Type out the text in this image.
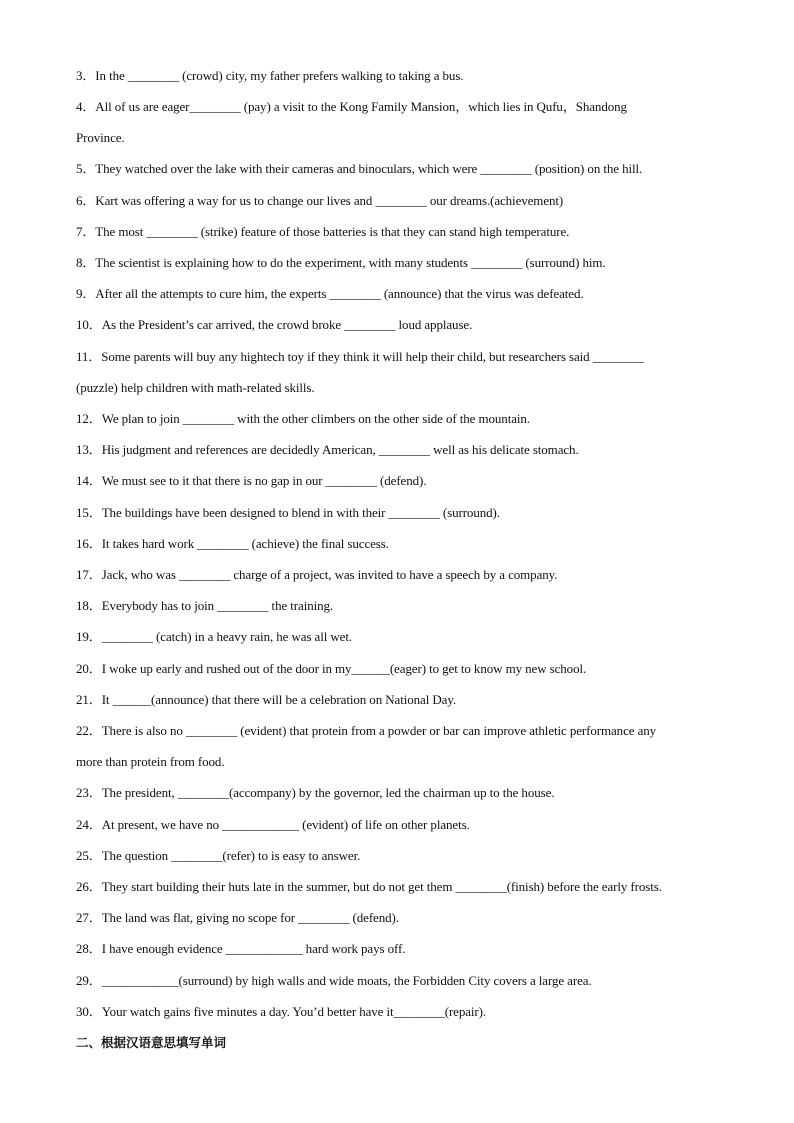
3．In the ________ (crowd) city, my father prefers walking to taking a bus.
4．All of us are eager________ (pay) a visit to the Kong Family Mansion，which lies in Qufu，Shandong
Province.
5．They watched over the lake with their cameras and binoculars, which were ________ (position) on the hill.
6．Kart was offering a way for us to change our lives and ________ our dreams.(achievement)
7．The most ________ (strike) feature of those batteries is that they can stand high temperature.
8．The scientist is explaining how to do the experiment, with many students ________ (surround) him.
9．After all the attempts to cure him, the experts ________ (announce) that the virus was defeated.
10．As the President’s car arrived, the crowd broke ________ loud applause.
11．Some parents will buy any hightech toy if they think it will help their child, but researchers said ________
(puzzle) help children with math-related skills.
12．We plan to join ________ with the other climbers on the other side of the mountain.
13．His judgment and references are decidedly American, ________ well as his delicate stomach.
14．We must see to it that there is no gap in our ________ (defend).
15．The buildings have been designed to blend in with their ________ (surround).
16．It takes hard work ________ (achieve) the final success.
17．Jack, who was ________ charge of a project, was invited to have a speech by a company.
18．Everybody has to join ________ the training.
19．________ (catch) in a heavy rain, he was all wet.
20．I woke up early and rushed out of the door in my______(eager) to get to know my new school.
21．It ______(announce) that there will be a celebration on National Day.
22．There is also no ________ (evident) that protein from a powder or bar can improve athletic performance any
more than protein from food.
23．The president, ________(accompany) by the governor, led the chairman up to the house.
24．At present, we have no ____________ (evident) of life on other planets.
25．The question ________(refer) to is easy to answer.
26．They start building their huts late in the summer, but do not get them ________(finish) before the early frosts.
27．The land was flat, giving no scope for ________ (defend).
28．I have enough evidence ____________ hard work pays off.
29．____________(surround) by high walls and wide moats, the Forbidden City covers a large area.
30．Your watch gains five minutes a day. You’d better have it________(repair).
二、根据汉语意思填写单词
